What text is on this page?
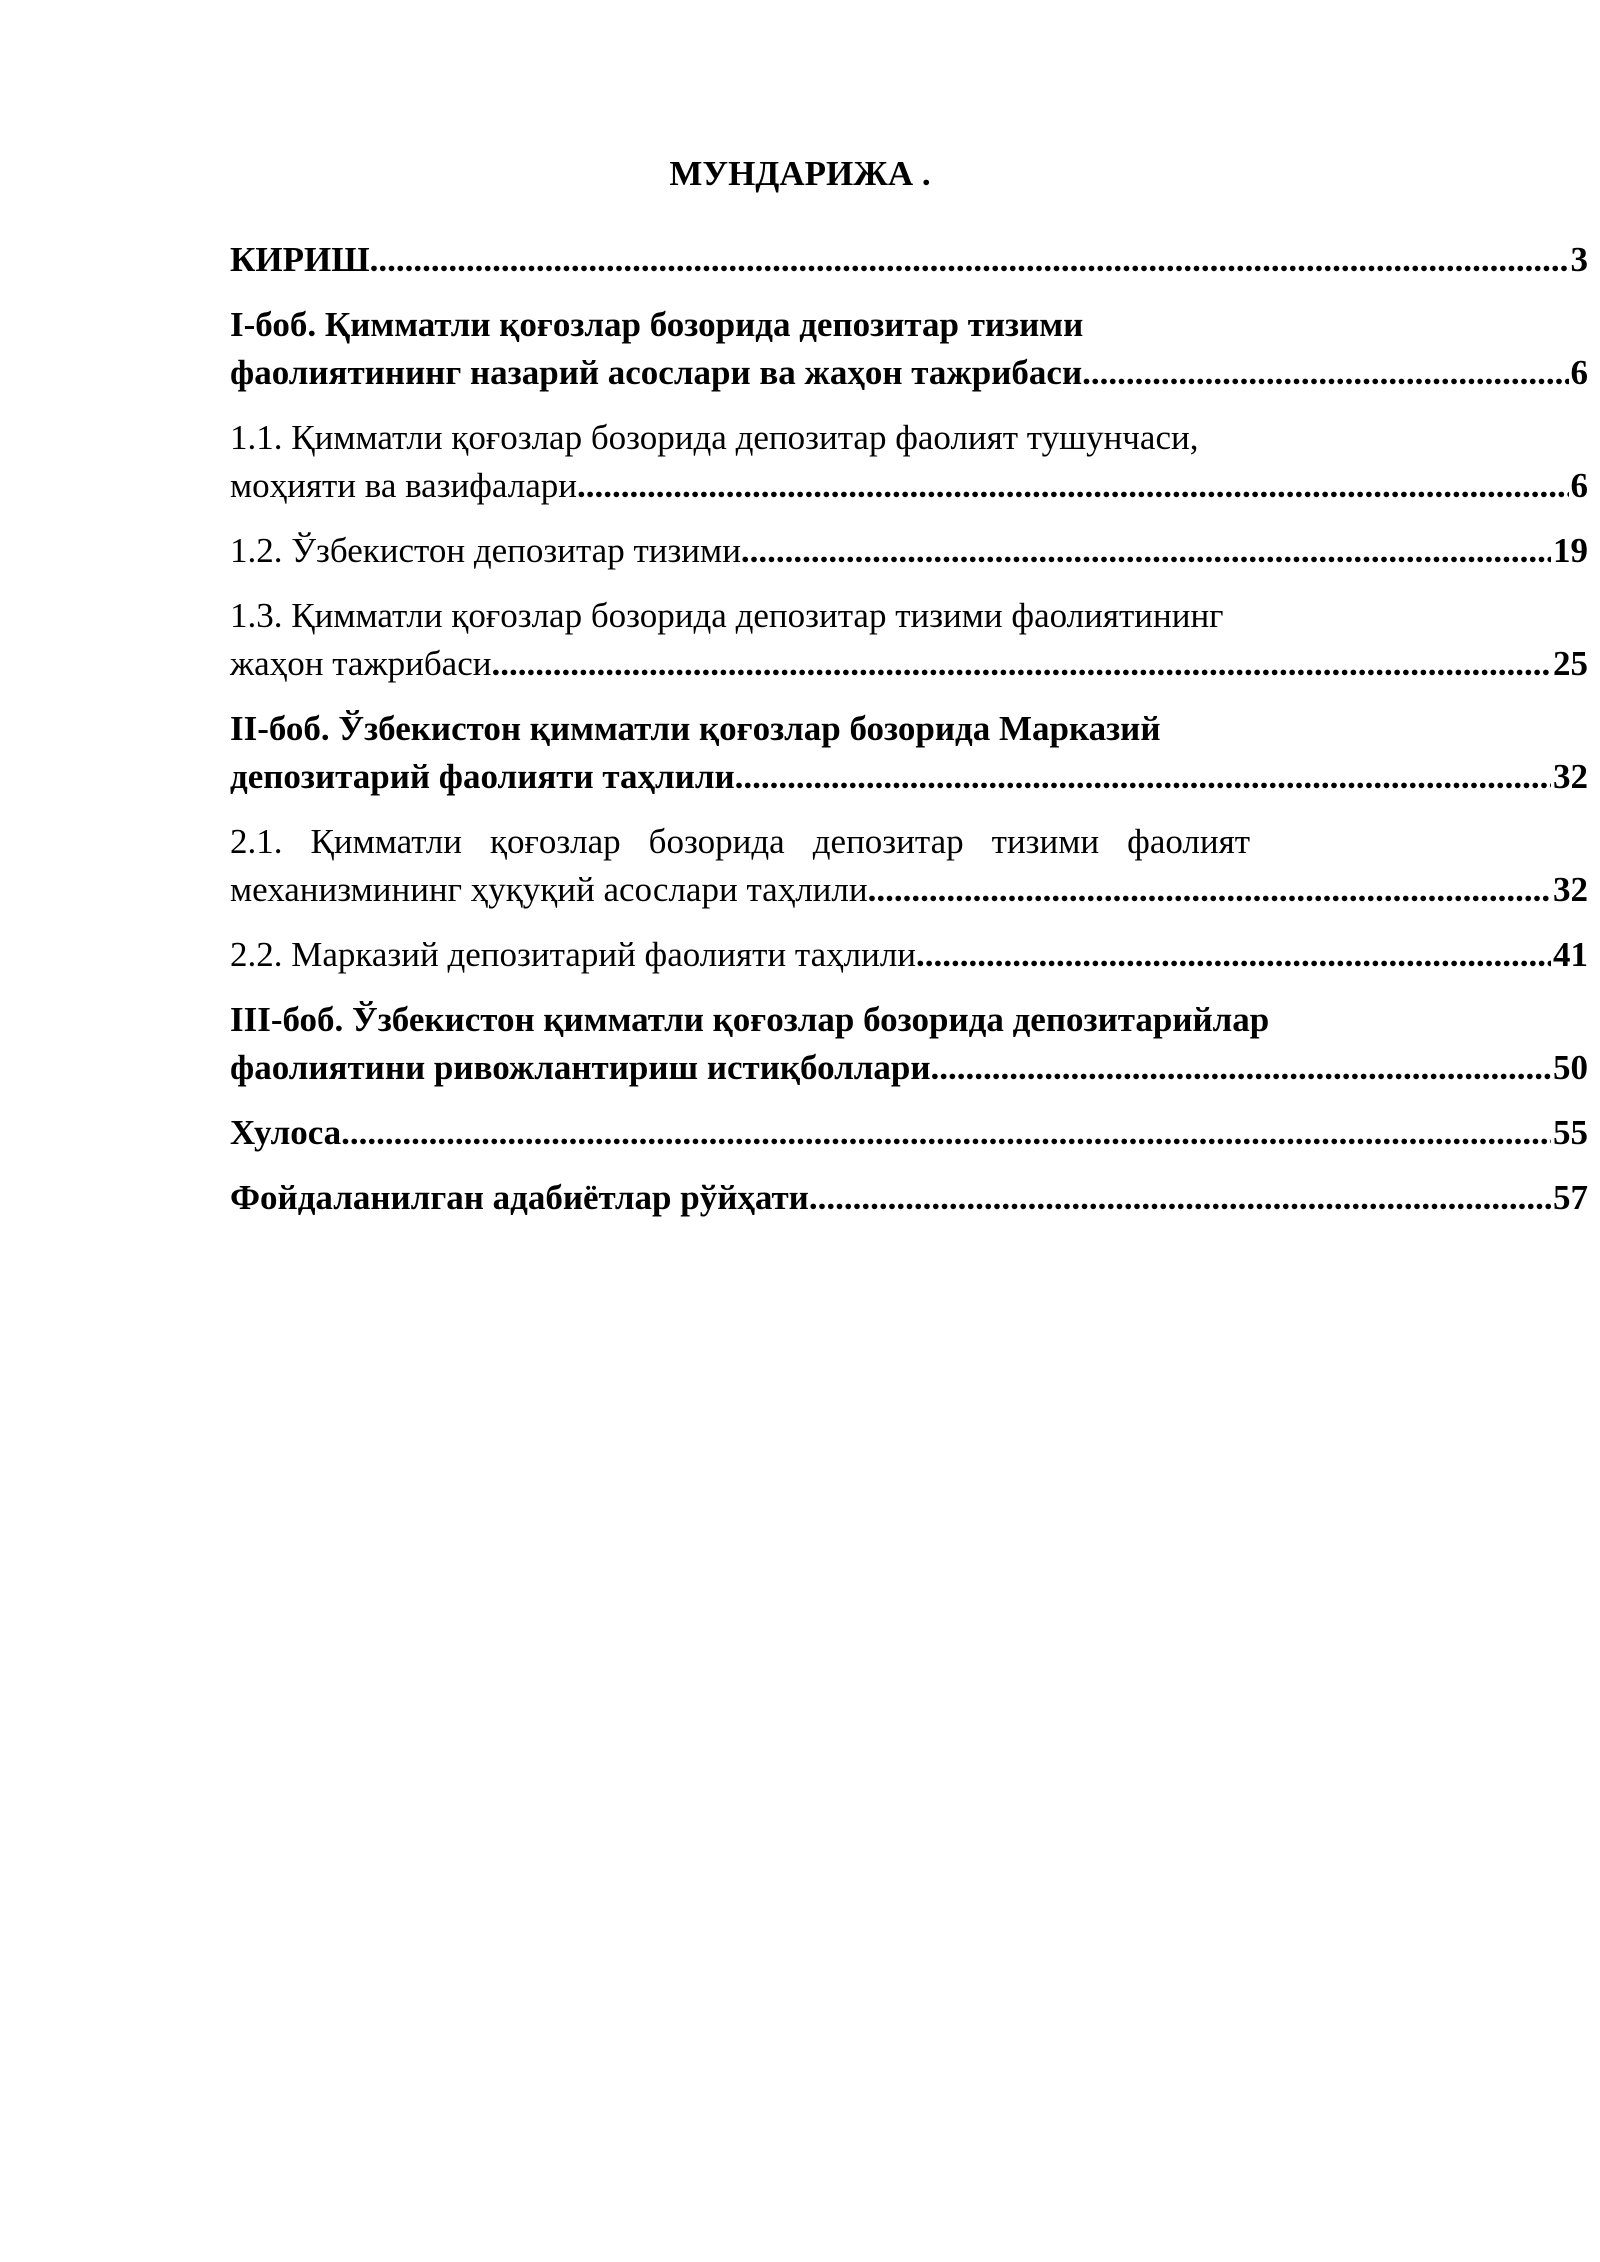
МУНДАРИЖА .
КИРИШ .....	3
I-боб. Қимматли қоғозлар бозорида депозитар тизими
фаолиятининг назарий асослари ва жаҳон тажрибаси .....	6
1.1. Қимматли қоғозлар бозорида депозитар фаолият тушунчаси,
моҳияти ва вазифалари .....	6
1.2. Ўзбекистон депозитар тизими .....	19
1.3. Қимматли қоғозлар бозорида депозитар тизими фаолиятининг
жаҳон тажрибаси .....	25
II-боб. Ўзбекистон қимматли қоғозлар бозорида Марказий
депозитарий фаолияти таҳлили .....	32
2.1. Қимматли қоғозлар бозорида депозитар тизими фаолият
механизмининг ҳуқуқий асослари таҳлили .....	32
2.2. Марказий депозитарий фаолияти таҳлили .....	41
III-боб. Ўзбекистон қимматли қоғозлар бозорида депозитарийлар
фаолиятини ривожлантириш истиқболлари .....	50
Хулоса .....	55
Фойдаланилган адабиётлар рўйҳати .....	57
